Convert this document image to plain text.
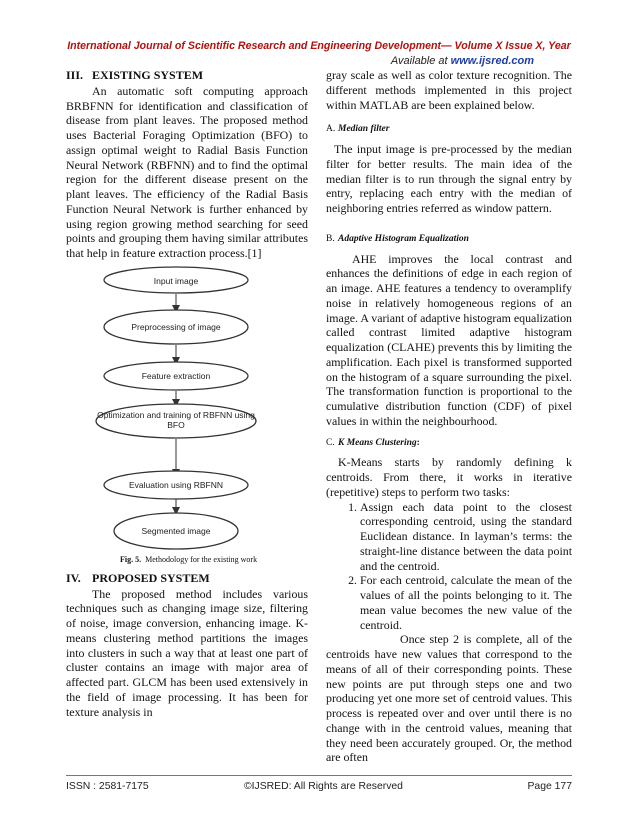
International Journal of Scientific Research and Engineering Development— Volume X Issue X, Year
Available at www.ijsred.com
III. EXISTING SYSTEM

An automatic soft computing approach BRBFNN for identification and classification of disease from plant leaves. The proposed method uses Bacterial Foraging Optimization (BFO) to assign optimal weight to Radial Basis Function Neural Network (RBFNN) and to find the optimal region for the different disease present on the plant leaves. The efficiency of the Radial Basis Function Neural Network is further enhanced by using region growing method searching for seed points and grouping them having similar attributes that help in feature extraction process.[1]

Input image
Preprocessing of image
Feature extraction
Optimization and training of RBFNN using
BFO
Evaluation using RBFNN
Segmented image
Fig. 5. Methodology for the existing work
IV. PROPOSED SYSTEM

The proposed method includes various techniques such as changing image size, filtering of noise, image conversion, enhancing image. K-means clustering method partitions the images into clusters in such a way that at least one part of cluster contains an image with major area of affected part. GLCM has been used extensively in the field of image processing. It has been for texture analysis in

gray scale as well as color texture recognition. The different methods implemented in this project within MATLAB are been explained below.

A. Median filter

The input image is pre-processed by the median filter for better results. The main idea of the median filter is to run through the signal entry by entry, replacing each entry with the median of neighboring entries referred as window pattern.

B. Adaptive Histogram Equalization

AHE improves the local contrast and enhances the definitions of edge in each region of an image. AHE features a tendency to overamplify noise in relatively homogeneous regions of an image. A variant of adaptive histogram equalization called contrast limited adaptive histogram equalization (CLAHE) prevents this by limiting the amplification. Each pixel is transformed supported on the histogram of a square surrounding the pixel. The transformation function is proportional to the cumulative distribution function (CDF) of pixel values in within the neighbourhood.

C. K Means Clustering:

K-Means starts by randomly defining k centroids. From there, it works in iterative (repetitive) steps to perform two tasks:

1. Assign each data point to the closest corresponding centroid, using the standard Euclidean distance. In layman’s terms: the straight-line distance between the data point and the centroid.
2. For each centroid, calculate the mean of the values of all the points belonging to it. The mean value becomes the new value of the centroid.

Once step 2 is complete, all of the centroids have new values that correspond to the means of all of their corresponding points. These new points are put through steps one and two producing yet one more set of centroid values. This process is repeated over and over until there is no change with in the centroid values, meaning that they need been accurately grouped. Or, the method are often

ISSN : 2581-7175	©IJSRED: All Rights are Reserved	Page 177
